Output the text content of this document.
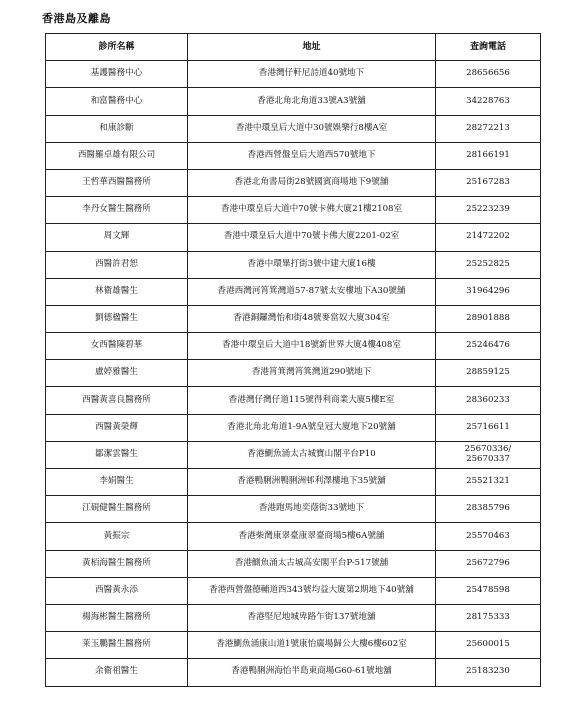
香港島及離島
診所名稱	地址	查詢電話
基護醫務中心	香港灣仔軒尼詩道40號地下	28656656
和富醫務中心	香港北角北角道33號A3號舖	34228763
和康診斷	香港中環皇后大道中30號娛樂行8樓A室	28272213
西醫羅卓雄有限公司	香港西營盤皇后大道西570號地下	28166191
王哲華西醫醫務所	香港北角書局街28號國賓商場地下9號舖	25167283
李丹女醫生醫務所	香港中環皇后大道中70號卡佛大廈21樓2108室	25223239
周文輝	香港中環皇后大道中70號卡佛大廈2201-02室	21472202
西醫許君恕	香港中環畢打街3號中建大廈16樓	25252825
林衛雄醫生	香港西灣河筲箕灣道57-87號太安樓地下A30號舖	31964296
劉德楹醫生	香港銅鑼灣怡和街48號麥當奴大廈304室	28901888
女西醫陳碧華	香港中環皇后大道中18號新世界大廈4樓408室	25246476
盧婷雅醫生	香港筲箕灣筲箕灣道290號地下	28859125
西醫黃喜良醫務所	香港灣仔灣仔道115號得利商業大廈5樓E室	28360233
西醫黃榮輝	香港北角北角道1-9A號皇冠大廈地下20號舖	25716611
鄒潔雲醫生	香港鰂魚涌太古城寶山閣平台P10	25670336/
25670337
李娟醫生	香港鴨脷洲鴨脷洲邨利澤樓地下35號舖	25521321
江硯健醫生醫務所	香港跑馬地奕蔭街33號地下	28385796
黃振宗	香港柴灣康翠臺康翠臺商場5樓6A號舖	25570463
黃栢海醫生醫務所	香港鰂魚涌太古城高安閣平台P-517號舖	25672796
西醫黃永添	香港西營盤德輔道西343號均益大廈第2期地下40號舖	25478598
楊海彬醫生醫務所	香港堅尼地城卑路乍街137號地舖	28175333
莱玉鵬醫生醫務所	香港鰂魚涌康山道1號康怡廣場歸公大樓6樓602室	25600015
余衛祖醫生	香港鴨脷洲海怡半島東商場G60-61號地舖	25183230
